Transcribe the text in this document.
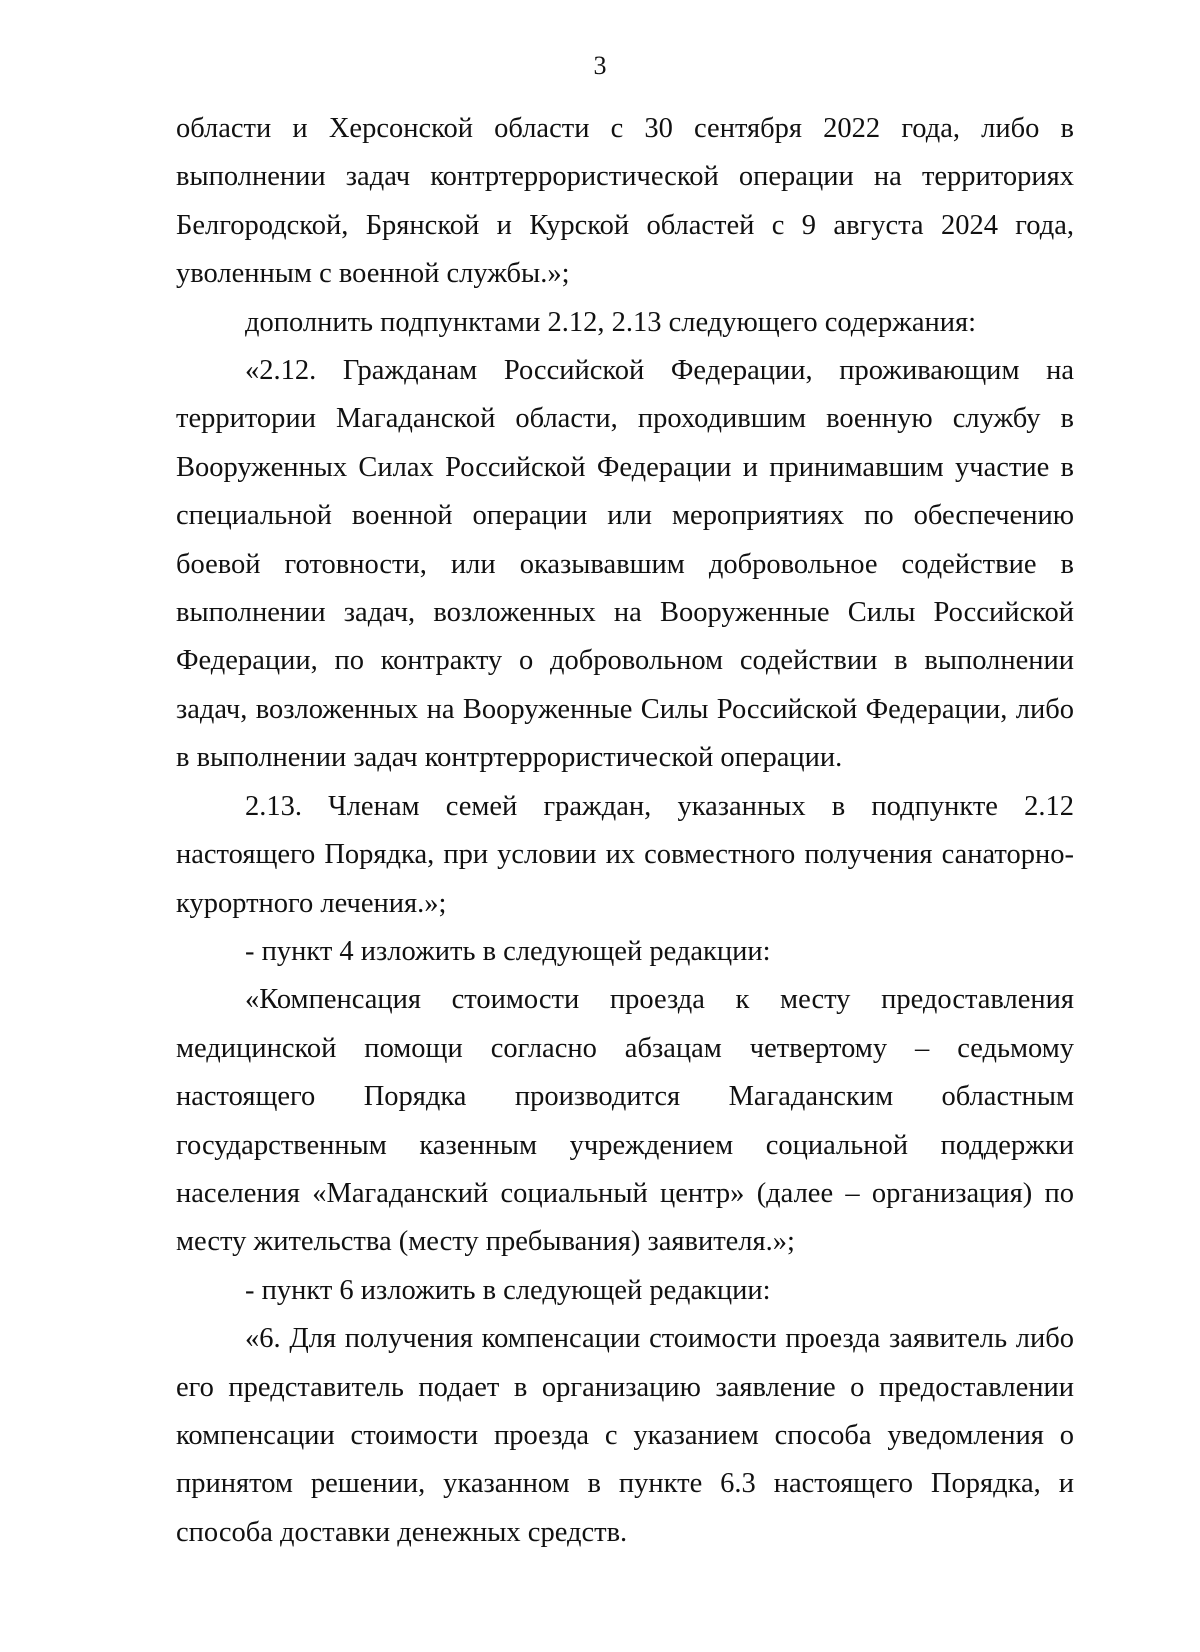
3

области и Херсонской области с 30 сентября 2022 года, либо в выполнении задач контртеррористической операции на территориях Белгородской, Брянской и Курской областей с 9 августа 2024 года, уволенным с военной службы.»;

дополнить подпунктами 2.12, 2.13 следующего содержания:

«2.12. Гражданам Российской Федерации, проживающим на территории Магаданской области, проходившим военную службу в Вооруженных Силах Российской Федерации и принимавшим участие в специальной военной операции или мероприятиях по обеспечению боевой готовности, или оказывавшим добровольное содействие в выполнении задач, возложенных на Вооруженные Силы Российской Федерации, по контракту о добровольном содействии в выполнении задач, возложенных на Вооруженные Силы Российской Федерации, либо в выполнении задач контртеррористической операции.

2.13. Членам семей граждан, указанных в подпункте 2.12 настоящего Порядка, при условии их совместного получения санаторно-курортного лечения.»;

- пункт 4 изложить в следующей редакции:

«Компенсация стоимости проезда к месту предоставления медицинской помощи согласно абзацам четвертому – седьмому настоящего Порядка производится Магаданским областным государственным казенным учреждением социальной поддержки населения «Магаданский социальный центр» (далее – организация) по месту жительства (месту пребывания) заявителя.»;

- пункт 6 изложить в следующей редакции:

«6. Для получения компенсации стоимости проезда заявитель либо его представитель подает в организацию заявление о предоставлении компенсации стоимости проезда с указанием способа уведомления о принятом решении, указанном в пункте 6.3 настоящего Порядка, и способа доставки денежных средств.
